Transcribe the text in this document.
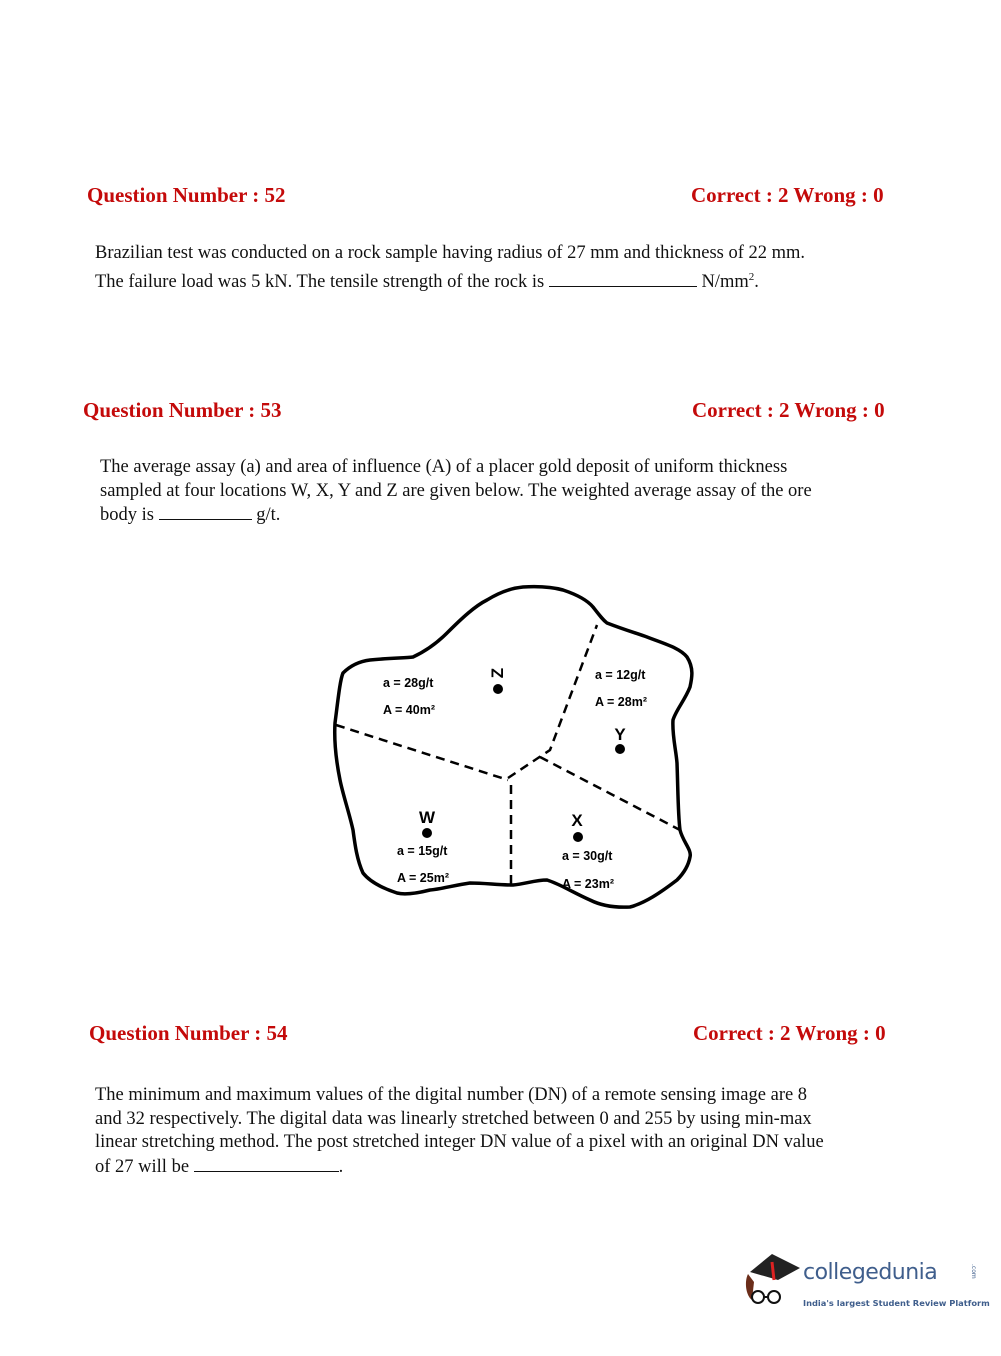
Question Number : 52	Correct : 2 Wrong : 0
Brazilian test was conducted on a rock sample having radius of 27 mm and thickness of 22 mm.
The failure load was 5 kN. The tensile strength of the rock is	$N/mm^2$.
Question Number : 53	Correct : 2 Wrong : 0
The average assay (a) and area of influence (A) of a placer gold deposit of uniform thickness
sampled at four locations W, X, Y and Z are given below. The weighted average assay of the ore
body is	g/t.
a = 28g/t
A = 40m²
a = 12g/t
A = 28m²
a = 15g/t
A = 25m²
a = 30g/t
A = 23m²
Z
Y
W	X
Question Number : 54	Correct : 2 Wrong : 0
The minimum and maximum values of the digital number (DN) of a remote sensing image are 8
and 32 respectively. The digital data was linearly stretched between 0 and 255 by using min-max
linear stretching method. The post stretched integer DN value of a pixel with an original DN value
of 27 will be	.
collegedunia	.com
India's largest Student Review Platform
